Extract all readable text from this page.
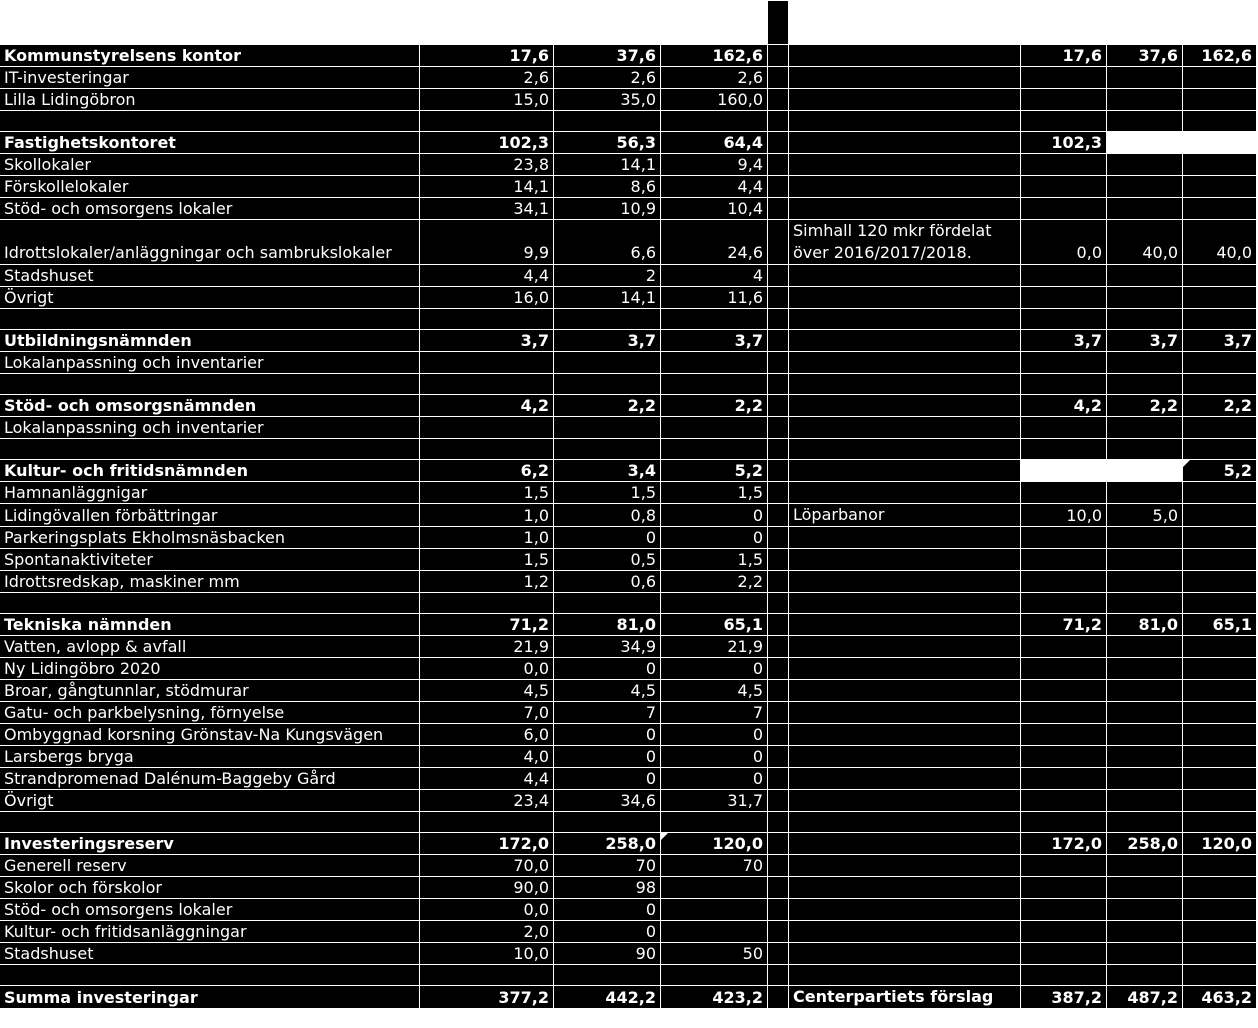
Kommunstyrelsens kontor	17,6	37,6	162,6			17,6	37,6	162,6
IT-investeringar	2,6	2,6	2,6					
Lilla Lidingöbron	15,0	35,0	160,0					

Fastighetskontoret	102,3	56,3	64,4			102,3		
Skollokaler	23,8	14,1	9,4					
Förskollelokaler	14,1	8,6	4,4					
Stöd- och omsorgens lokaler	34,1	10,9	10,4					
Idrottslokaler/anläggningar och sambrukslokaler	9,9	6,6	24,6		Simhall 120 mkr fördelat över 2016/2017/2018.	0,0	40,0	40,0
Stadshuset	4,4	2	4					
Övrigt	16,0	14,1	11,6					

Utbildningsnämnden	3,7	3,7	3,7			3,7	3,7	3,7
Lokalanpassning och inventarier								

Stöd- och omsorgsnämnden	4,2	2,2	2,2			4,2	2,2	2,2
Lokalanpassning och inventarier								

Kultur- och fritidsnämnden	6,2	3,4	5,2					5,2
Hamnanläggnigar	1,5	1,5	1,5					
Lidingövallen förbättringar	1,0	0,8	0		Löparbanor	10,0	5,0	
Parkeringsplats Ekholmsnäsbacken	1,0	0	0					
Spontanaktiviteter	1,5	0,5	1,5					
Idrottsredskap, maskiner mm	1,2	0,6	2,2					

Tekniska nämnden	71,2	81,0	65,1			71,2	81,0	65,1
Vatten, avlopp & avfall	21,9	34,9	21,9					
Ny Lidingöbro 2020	0,0	0	0					
Broar, gångtunnlar, stödmurar	4,5	4,5	4,5					
Gatu- och parkbelysning, förnyelse	7,0	7	7					
Ombyggnad korsning Grönstav-Na Kungsvägen	6,0	0	0					
Larsbergs bryga	4,0	0	0					
Strandpromenad Dalénum-Baggeby Gård	4,4	0	0					
Övrigt	23,4	34,6	31,7					

Investeringsreserv	172,0	258,0	120,0			172,0	258,0	120,0
Generell reserv	70,0	70	70					
Skolor och förskolor	90,0	98						
Stöd- och omsorgens lokaler	0,0	0						
Kultur- och fritidsanläggningar	2,0	0						
Stadshuset	10,0	90	50					

Summa investeringar	377,2	442,2	423,2		Centerpartiets förslag	387,2	487,2	463,2
